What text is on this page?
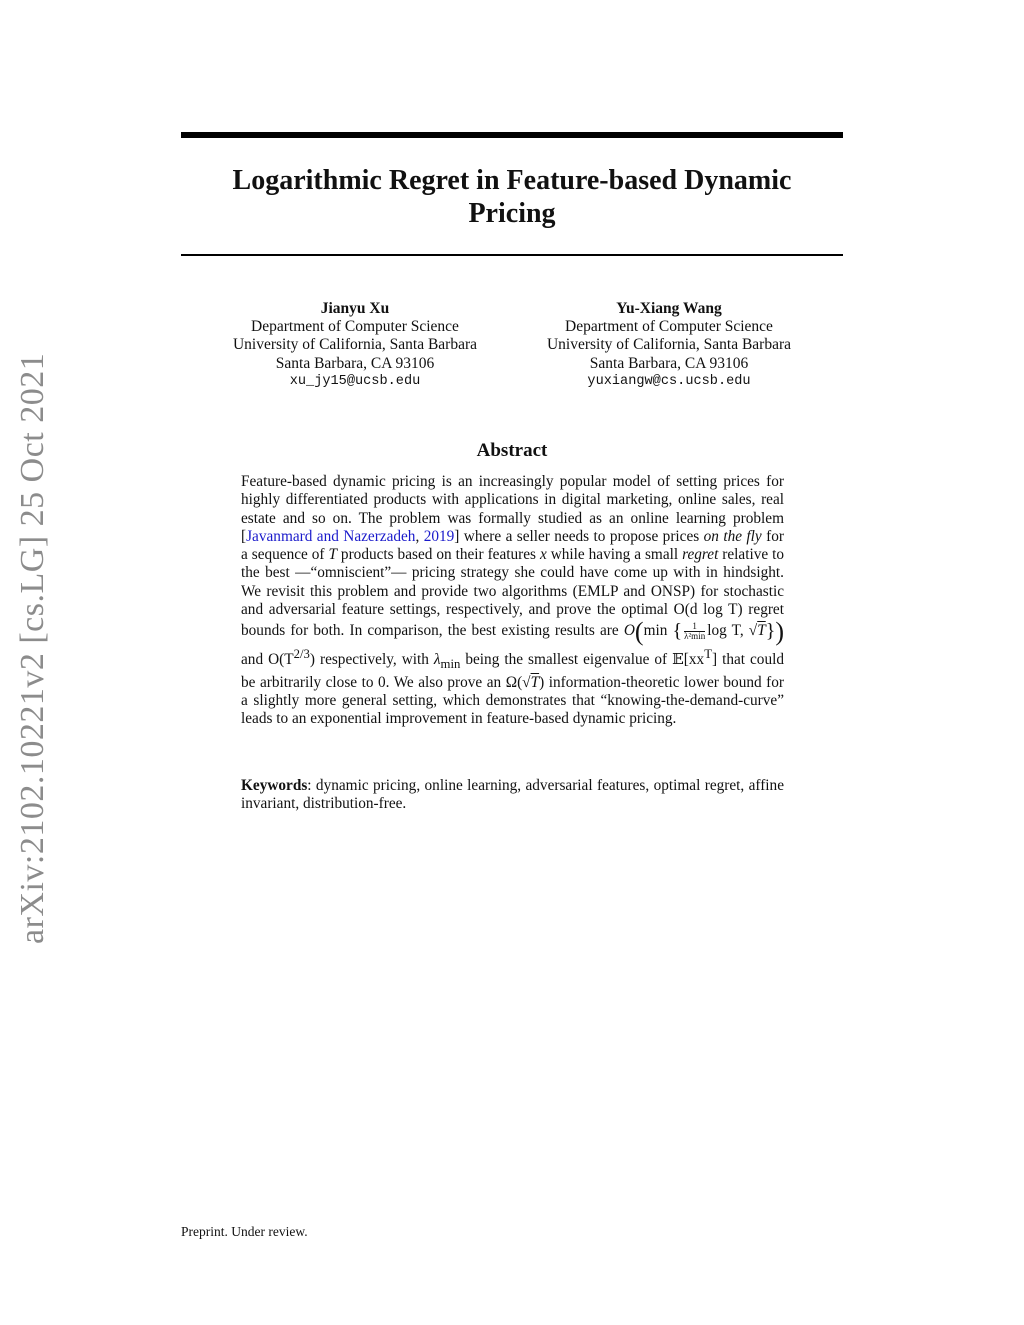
arXiv:2102.10221v2 [cs.LG] 25 Oct 2021
Logarithmic Regret in Feature-based Dynamic
Pricing
Jianyu Xu
Department of Computer Science
University of California, Santa Barbara
Santa Barbara, CA 93106
xu_jy15@ucsb.edu
Yu-Xiang Wang
Department of Computer Science
University of California, Santa Barbara
Santa Barbara, CA 93106
yuxiangw@cs.ucsb.edu
Abstract

Feature-based dynamic pricing is an increasingly popular model of setting prices for highly differentiated products with applications in digital marketing, online sales, real estate and so on. The problem was formally studied as an online learning problem [Javanmard and Nazerzadeh, 2019] where a seller needs to propose prices on the fly for a sequence of T products based on their features x while having a small regret relative to the best —“omniscient”— pricing strategy she could have come up with in hindsight. We revisit this problem and provide two algorithms (EMLP and ONSP) for stochastic and adversarial feature settings, respectively, and prove the optimal O(d log T) regret bounds for both. In comparison, the best existing results are O(min { $\frac{1}{\text{λ²min}}$ log T, √T}) and $O(T^{2/3})$ respectively, with $\lambda_{min}$ being the smallest eigenvalue of $𝔼[xx^T]$ that could be arbitrarily close to 0. We also prove an Ω(√T) information-theoretic lower bound for a slightly more general setting, which demonstrates that “knowing-the-demand-curve” leads to an exponential improvement in feature-based dynamic pricing.

Keywords: dynamic pricing, online learning, adversarial features, optimal regret, affine invariant, distribution-free.
Preprint. Under review.
